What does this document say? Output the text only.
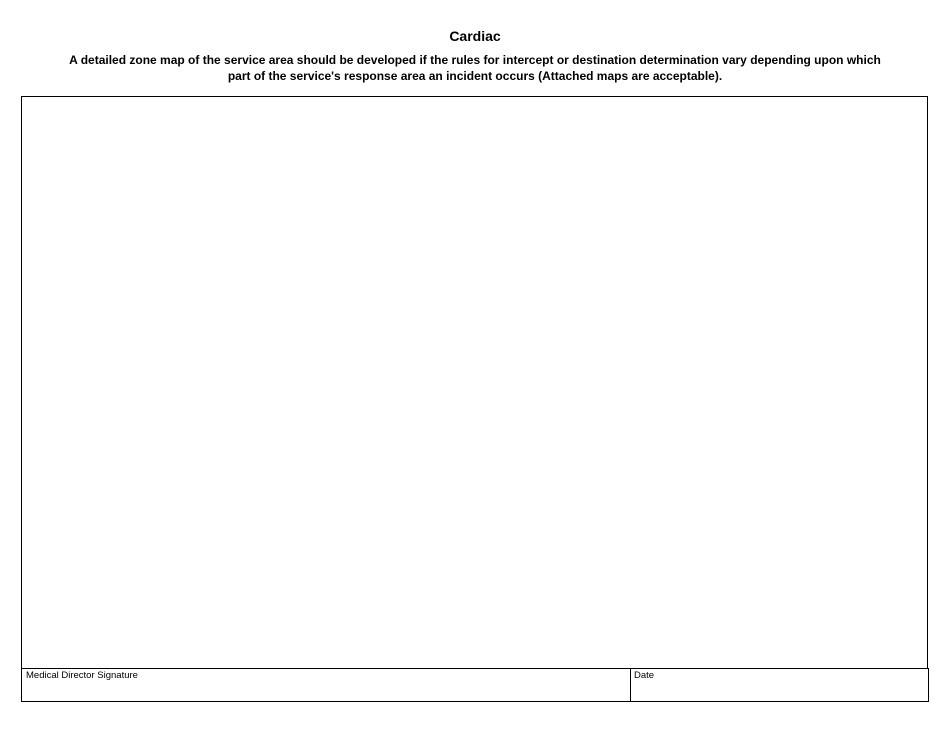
Cardiac
A detailed zone map of the service area should be developed if the rules for intercept or destination determination vary depending upon which
part of the service's response area an incident occurs (Attached maps are acceptable).
Medical Director Signature	Date
